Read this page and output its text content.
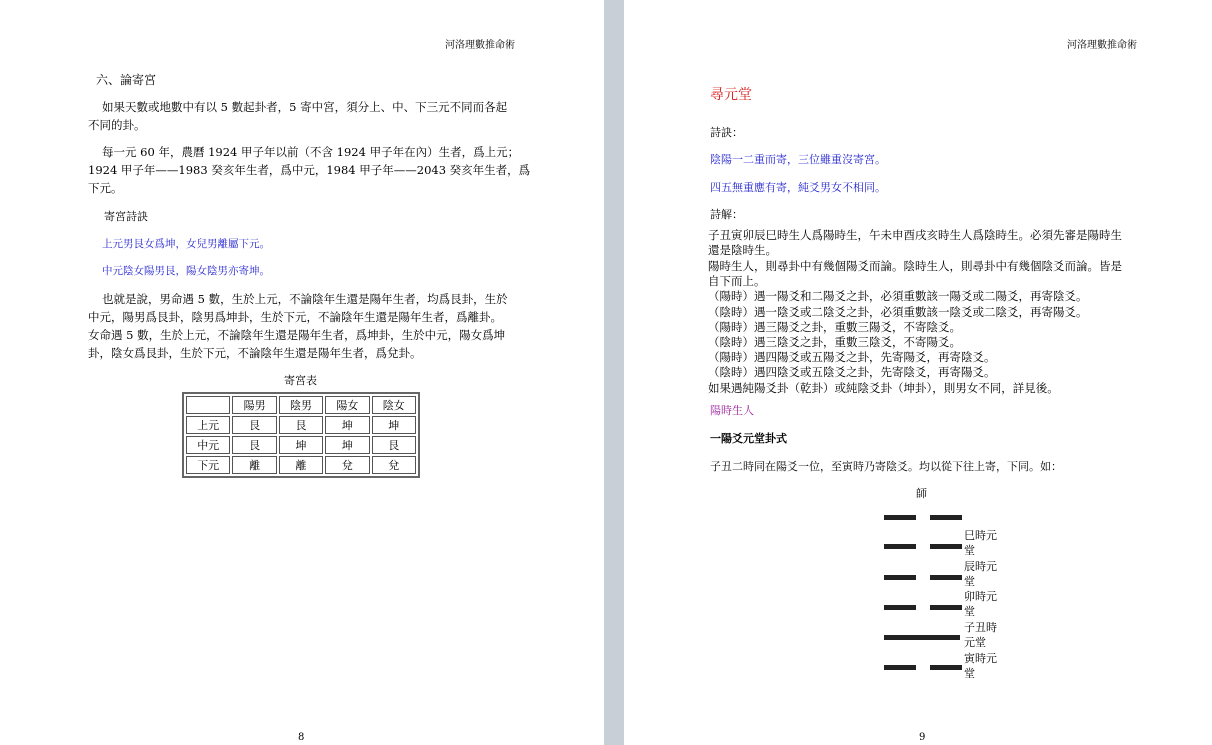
河洛理數推命術
六、論寄宮
如果天數或地數中有以 5 數起卦者，5 寄中宮，須分上、中、下三元不同而各起
不同的卦。
每一元 60 年，農曆 1924 甲子年以前（不含 1924 甲子年在內）生者，爲上元；
1924 甲子年——1983 癸亥年生者，爲中元，1984 甲子年——2043 癸亥年生者，爲
下元。
寄宮詩訣
上元男艮女爲坤，女兒男離屬下元。
中元陰女陽男艮，陽女陰男亦寄坤。
也就是說，男命遇 5 數，生於上元，不論陰年生還是陽年生者，均爲艮卦，生於
中元，陽男爲艮卦，陰男爲坤卦，生於下元，不論陰年生還是陽年生者，爲離卦。
女命遇 5 數，生於上元，不論陰年生還是陽年生者，爲坤卦，生於中元，陽女爲坤
卦，陰女爲艮卦，生於下元，不論陰年生還是陽年生者，爲兌卦。
寄宮表
	陽男	陰男	陽女	陰女
上元	艮	艮	坤	坤
中元	艮	坤	坤	艮
下元	離	離	兌	兌
8
河洛理數推命術
尋元堂
詩訣：
陰陽一二重而寄，三位雖重沒寄宮。
四五無重應有寄，純爻男女不相同。
詩解：
子丑寅卯辰巳時生人爲陽時生，午未申酉戌亥時生人爲陰時生。必須先審是陽時生
還是陰時生。
陽時生人，則尋卦中有幾個陽爻而論。陰時生人，則尋卦中有幾個陰爻而論。皆是
自下而上。
（陽時）遇一陽爻和二陽爻之卦，必須重數該一陽爻或二陽爻，再寄陰爻。
（陰時）遇一陰爻或二陰爻之卦，必須重數該一陰爻或二陰爻，再寄陽爻。
（陽時）遇三陽爻之卦，重數三陽爻，不寄陰爻。
（陰時）遇三陰爻之卦，重數三陰爻，不寄陽爻。
（陽時）遇四陽爻或五陽爻之卦，先寄陽爻，再寄陰爻。
（陰時）遇四陰爻或五陰爻之卦，先寄陰爻，再寄陽爻。
如果遇純陽爻卦（乾卦）或純陰爻卦（坤卦），則男女不同，詳見後。
陽時生人
一陽爻元堂卦式
子丑二時同在陽爻一位，至寅時乃寄陰爻。均以從下往上寄，下同。如：
師
巳時元
堂
辰時元
堂
卯時元
堂
子丑時
元堂
寅時元
堂
9
